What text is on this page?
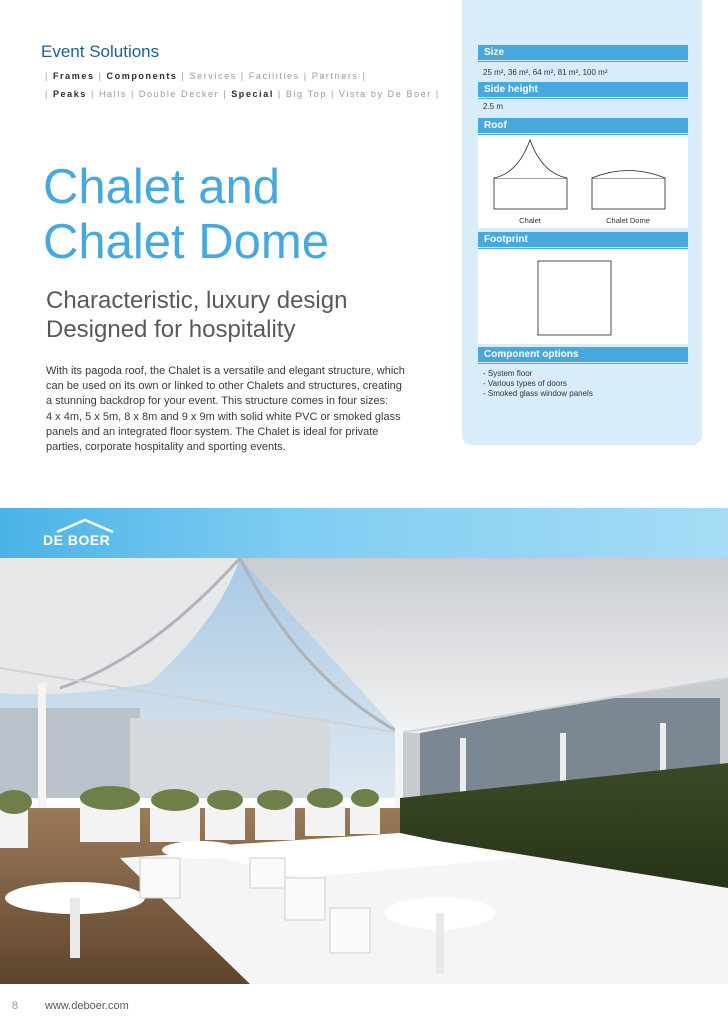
Event Solutions
| Frames | Components | Services | Facilities | Partners |
| Peaks | Halls | Double Decker | Special | Big Top | Vista by De Boer |
Chalet and
Chalet Dome
Characteristic, luxury design
Designed for hospitality
With its pagoda roof, the Chalet is a versatile and elegant structure, which
can be used on its own or linked to other Chalets and structures, creating
a stunning backdrop for your event. This structure comes in four sizes:
4 x 4m, 5 x 5m, 8 x 8m and 9 x 9m with solid white PVC or smoked glass
panels and an integrated floor system. The Chalet is ideal for private
parties, corporate hospitality and sporting events.
Size
25 m², 36 m², 64 m², 81 m², 100 m²
Side height
2.5 m
Roof
Chalet	Chalet Dome
Footprint
Component options
- System floor
- Various types of doors
- Smoked glass window panels
DE BOER
8 www.deboer.com
